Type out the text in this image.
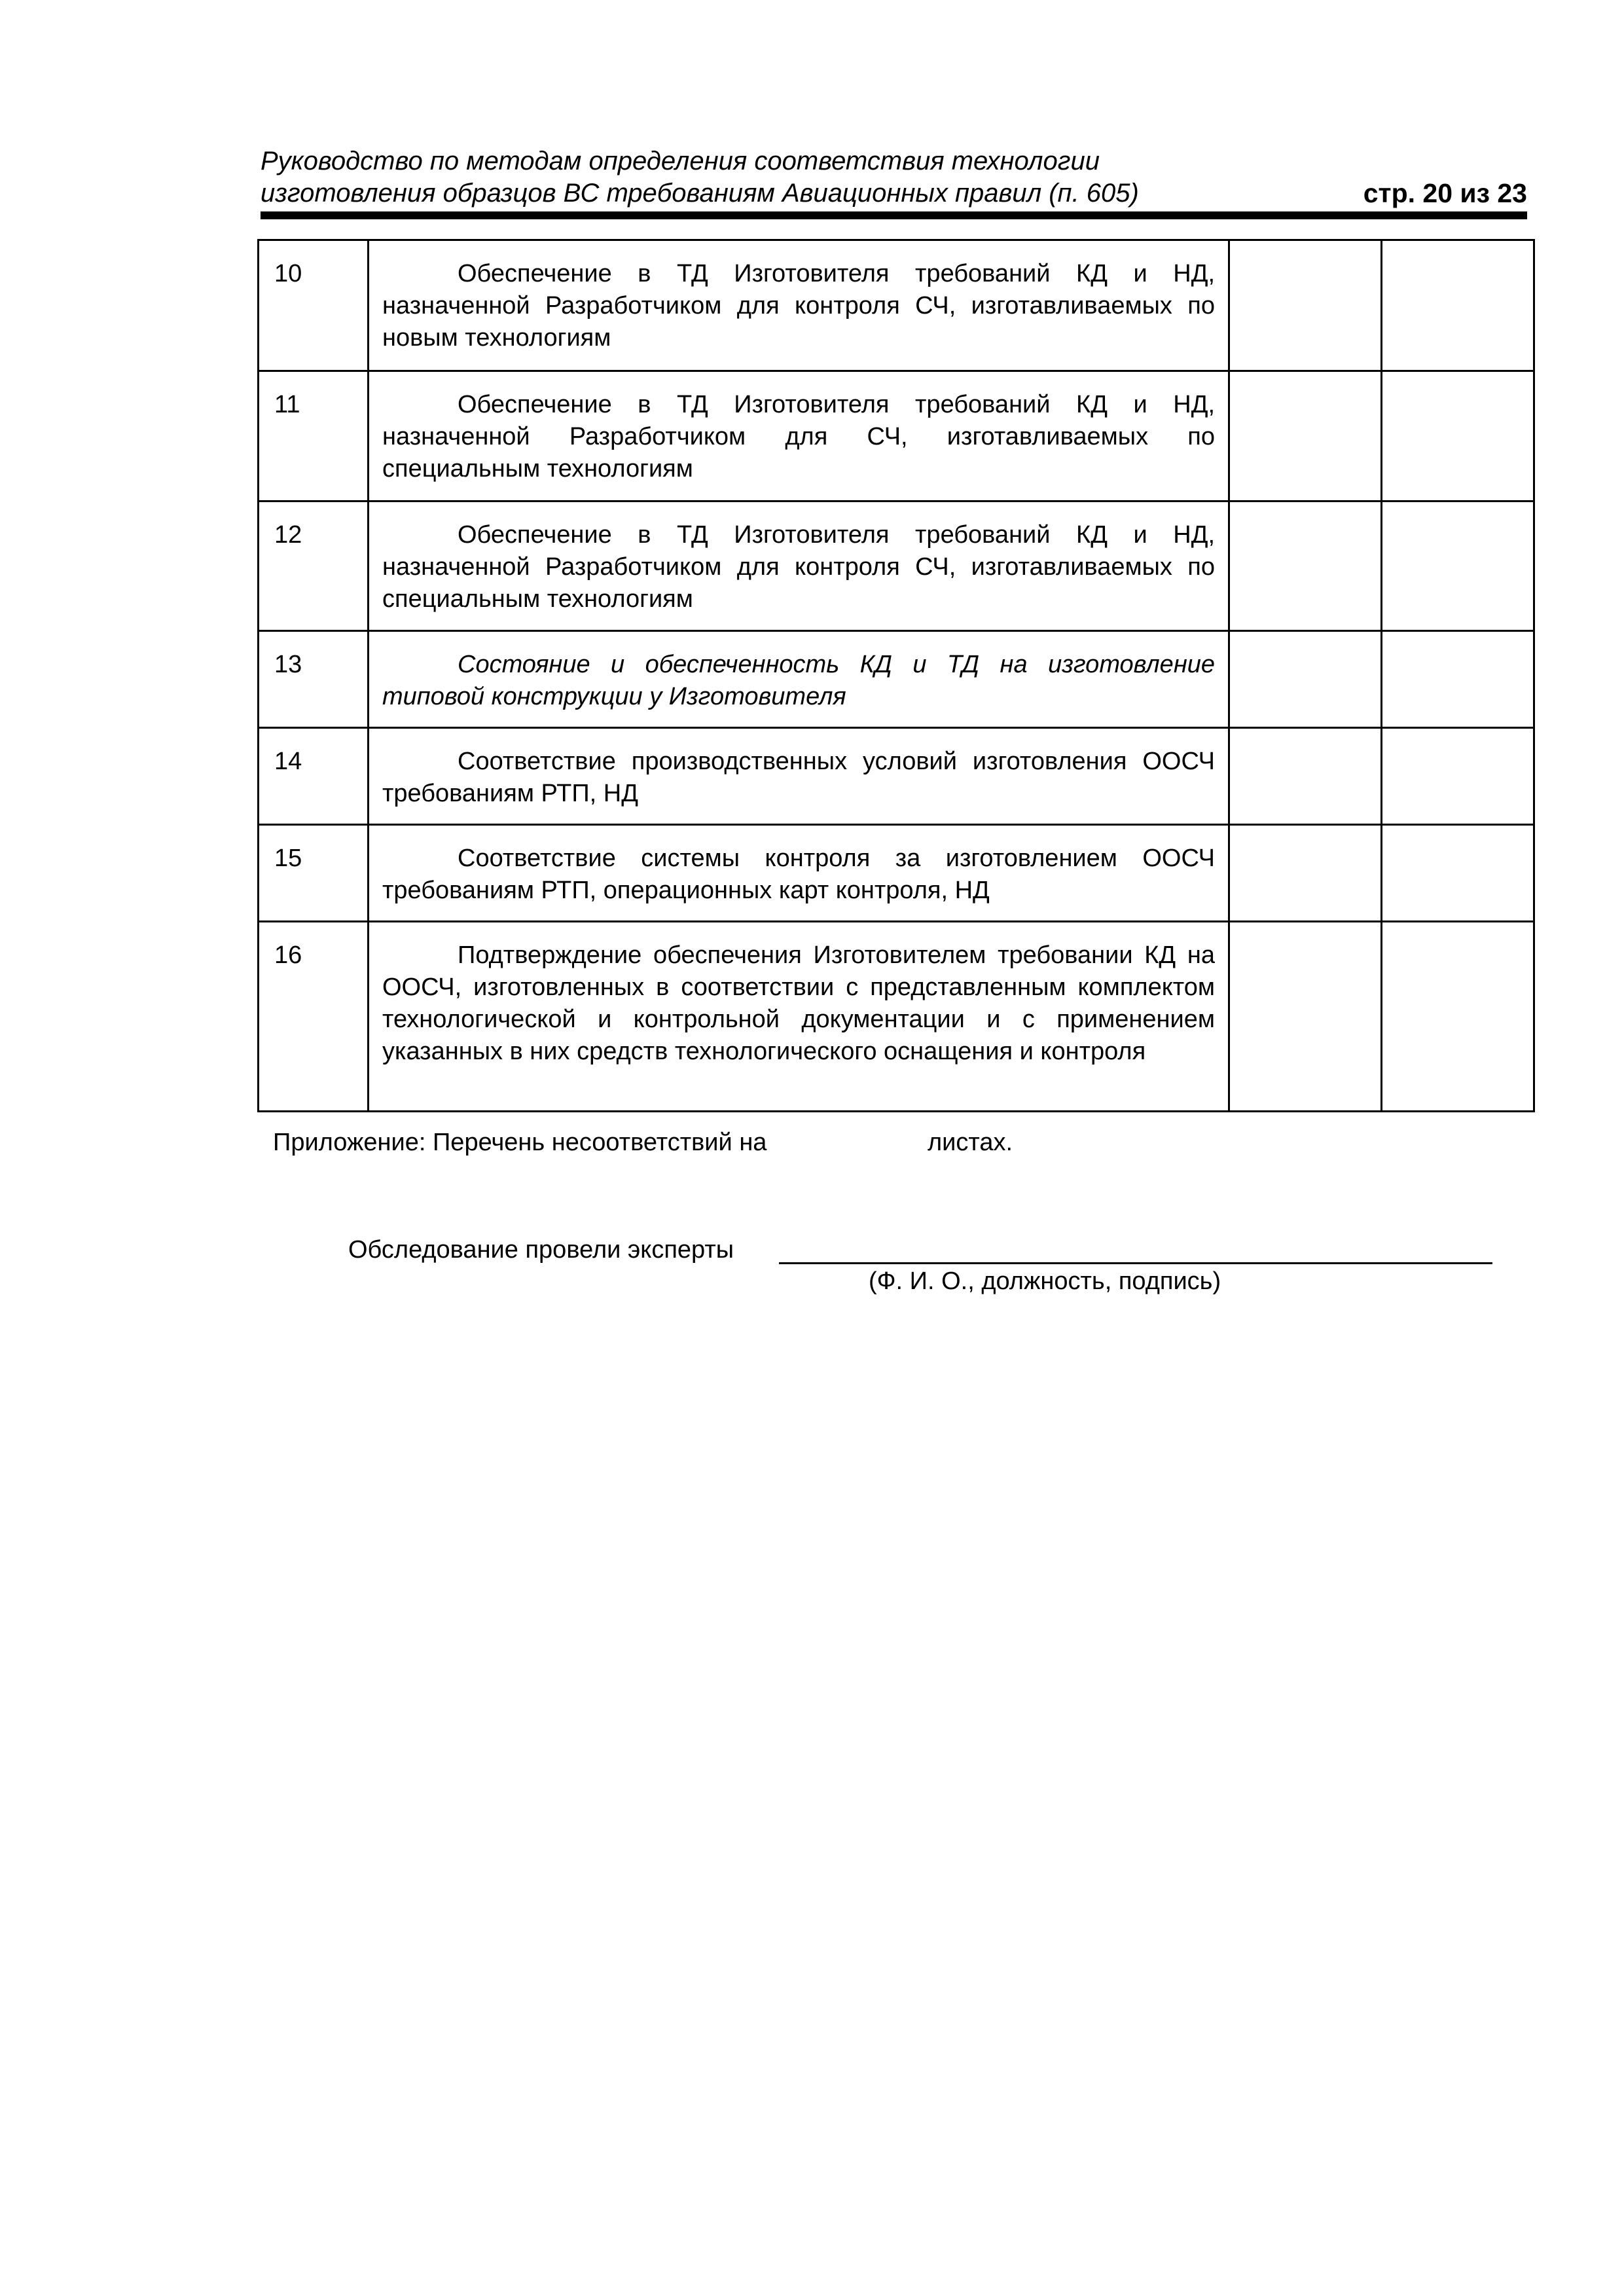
Руководство по методам определения соответствия технологии
изготовления образцов ВС требованиям Авиационных правил (п. 605)	стр. 20 из 23
10	Обеспечение в ТД Изготовителя требований КД и НД, назначенной Разработчиком для контроля СЧ, изготавливаемых по новым технологиям		
11	Обеспечение в ТД Изготовителя требований КД и НД, назначенной Разработчиком для СЧ, изготавливаемых по специальным технологиям		
12	Обеспечение в ТД Изготовителя требований КД и НД, назначенной Разработчиком для контроля СЧ, изготавливаемых по специальным технологиям		
13	Состояние и обеспеченность КД и ТД на изготовление типовой конструкции у Изготовителя		
14	Соответствие производственных условий изготовления ООСЧ требованиям РТП, НД		
15	Соответствие системы контроля за изготовлением ООСЧ требованиям РТП, операционных карт контроля, НД		
16	Подтверждение обеспечения Изготовителем требовании КД на ООСЧ, изготовленных в соответствии с представленным комплектом технологической и контрольной документации и с применением указанных в них средств технологического оснащения и контроля		
Приложение: Перечень несоответствий на	листах.
Обследование провели эксперты
(Ф. И. О., должность, подпись)
